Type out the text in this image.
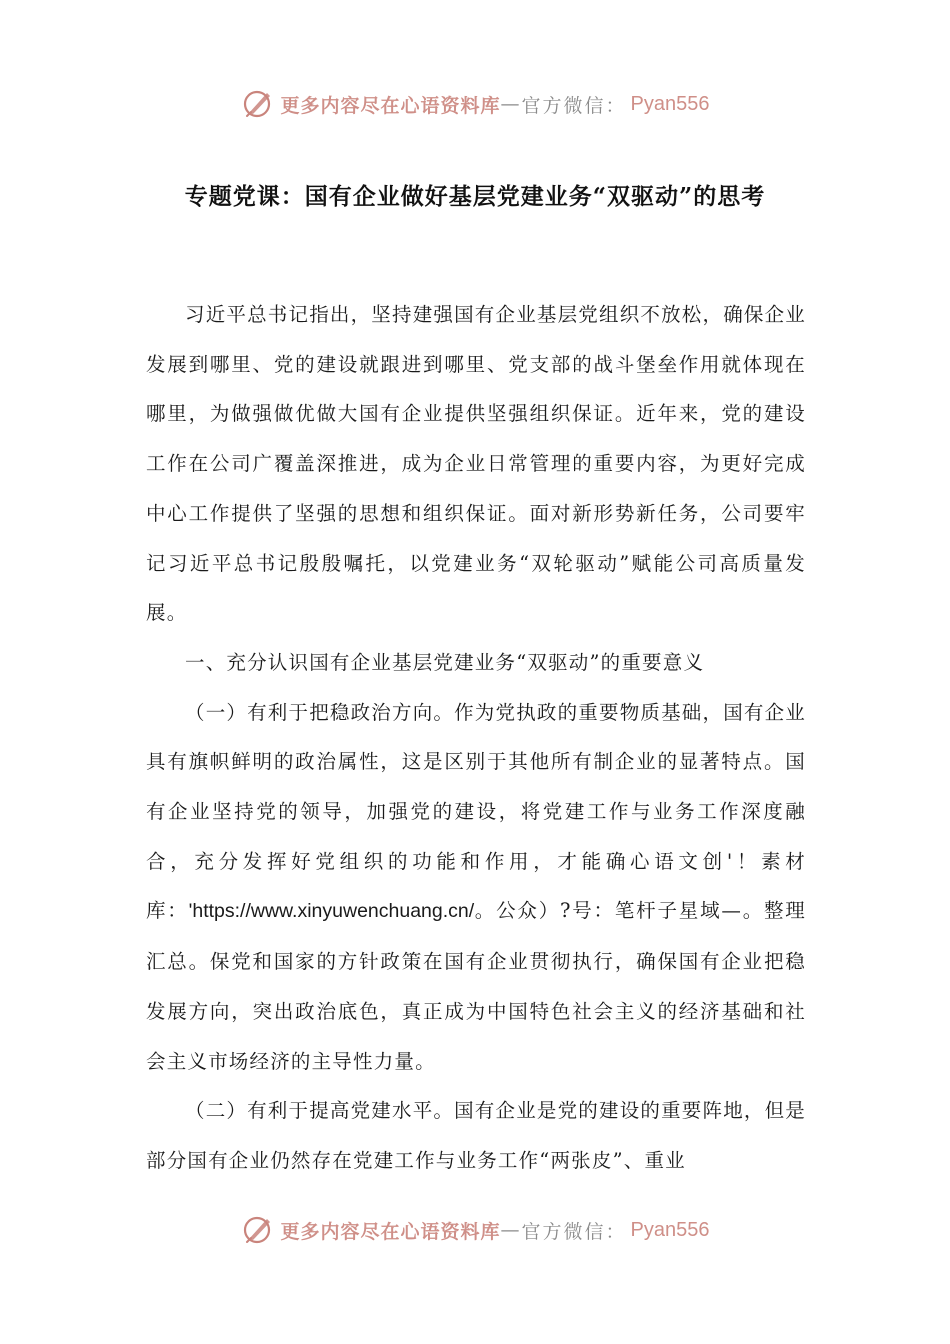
更多内容尽在心语资料库 — 官方微信： Pyan556
专题党课：国有企业做好基层党建业务“双驱动”的思考

习近平总书记指出，坚持建强国有企业基层党组织不放松，确保企业发展到哪里、党的建设就跟进到哪里、党支部的战斗堡垒作用就体现在哪里，为做强做优做大国有企业提供坚强组织保证。近年来，党的建设工作在公司广覆盖深推进，成为企业日常管理的重要内容，为更好完成中心工作提供了坚强的思想和组织保证。面对新形势新任务，公司要牢记习近平总书记殷殷嘱托，以党建业务“双轮驱动”赋能公司高质量发展。

一、充分认识国有企业基层党建业务“双驱动”的重要意义

（一）有利于把稳政治方向。作为党执政的重要物质基础，国有企业具有旗帜鲜明的政治属性，这是区别于其他所有制企业的显著特点。国有企业坚持党的领导，加强党的建设，将党建工作与业务工作深度融合，充分发挥好党组织的功能和作用，才能确心语文创'！素材库：'https://www.xinyuwenchuang.cn/。公众）?号：笔杆子星域—。整理汇总。保党和国家的方针政策在国有企业贯彻执行，确保国有企业把稳发展方向，突出政治底色，真正成为中国特色社会主义的经济基础和社会主义市场经济的主导性力量。

（二）有利于提高党建水平。国有企业是党的建设的重要阵地，但是部分国有企业仍然存在党建工作与业务工作“两张皮”、重业

更多内容尽在心语资料库 — 官方微信： Pyan556
